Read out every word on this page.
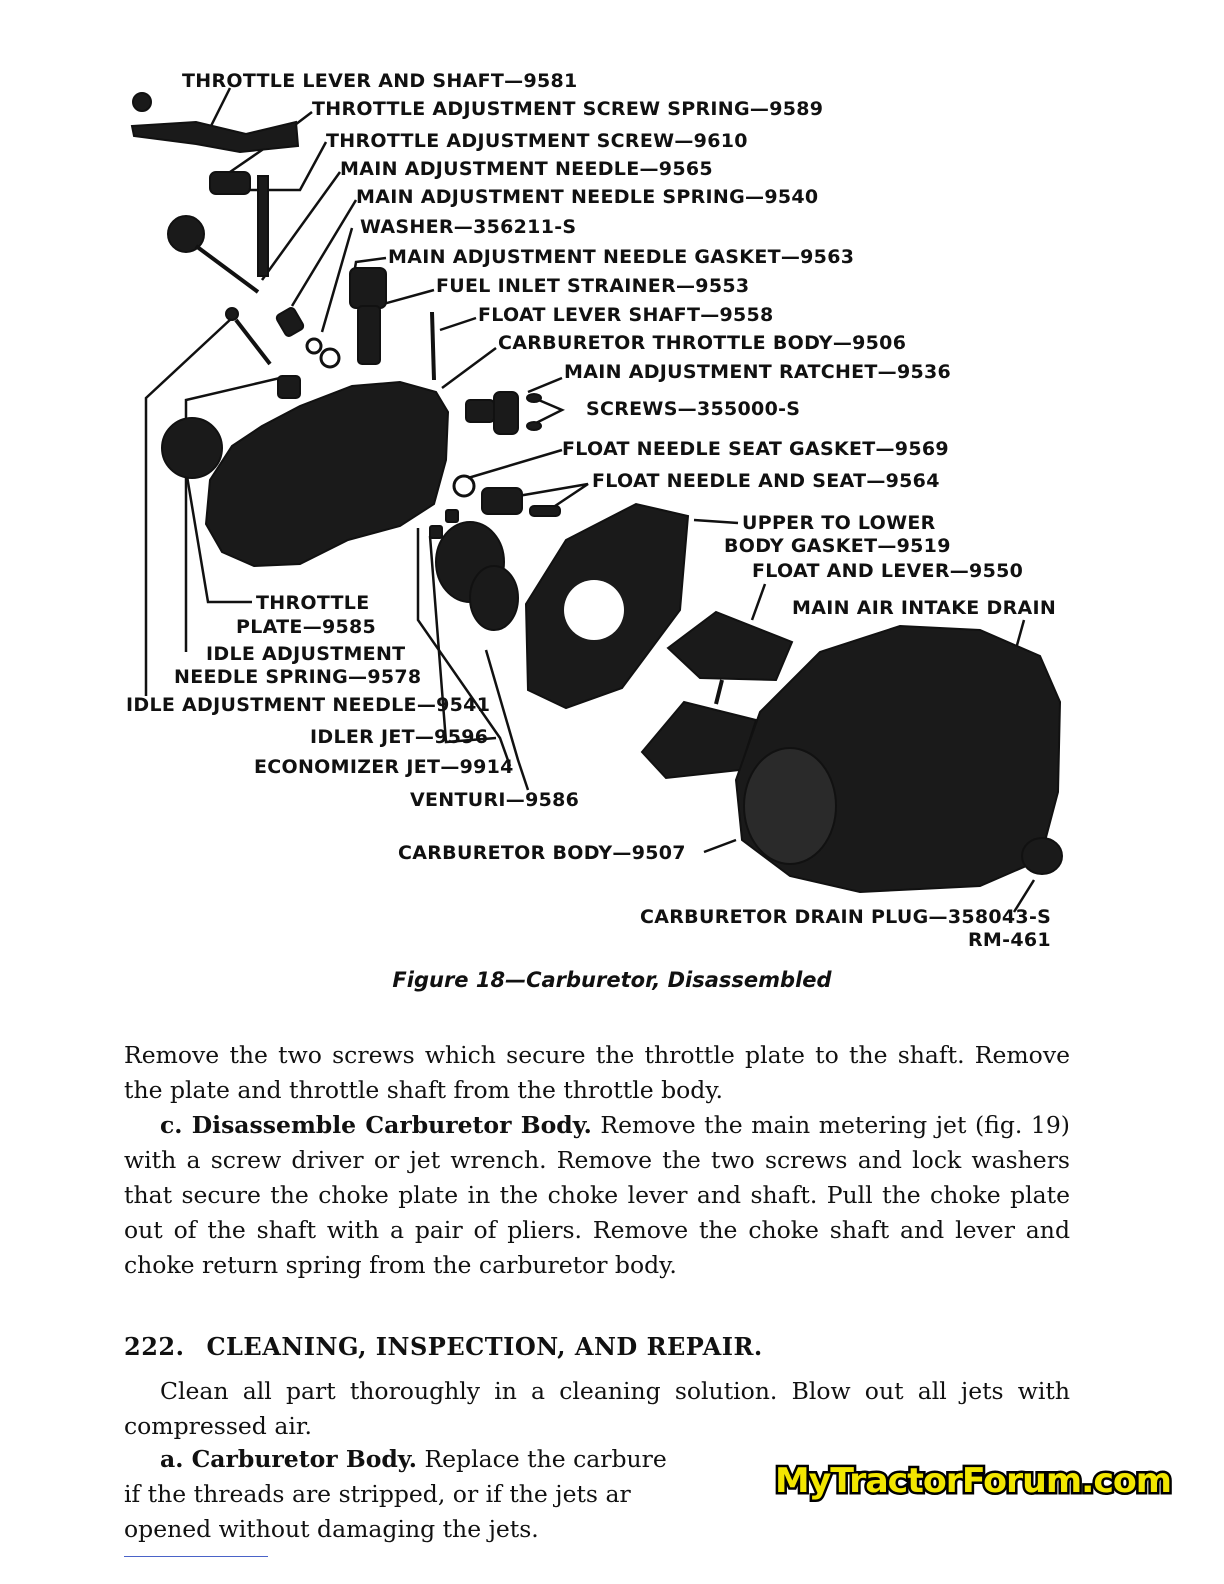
THROTTLE LEVER AND SHAFT—9581
THROTTLE ADJUSTMENT SCREW SPRING—9589
THROTTLE ADJUSTMENT SCREW—9610
MAIN ADJUSTMENT NEEDLE—9565
MAIN ADJUSTMENT NEEDLE SPRING—9540
WASHER—356211-S
MAIN ADJUSTMENT NEEDLE GASKET—9563
FUEL INLET STRAINER—9553
FLOAT LEVER SHAFT—9558
CARBURETOR THROTTLE BODY—9506
MAIN ADJUSTMENT RATCHET—9536
SCREWS—355000-S
FLOAT NEEDLE SEAT GASKET—9569
FLOAT NEEDLE AND SEAT—9564
UPPER TO LOWER
BODY GASKET—9519
FLOAT AND LEVER—9550
MAIN AIR INTAKE DRAIN
THROTTLE
PLATE—9585
IDLE ADJUSTMENT
NEEDLE SPRING—9578
IDLE ADJUSTMENT NEEDLE—9541
IDLER JET—9596
ECONOMIZER JET—9914
VENTURI—9586
CARBURETOR BODY—9507
CARBURETOR DRAIN PLUG—358043-S
RM-461
Figure 18—Carburetor, Disassembled

Remove the two screws which secure the throttle plate to the shaft. Remove the plate and throttle shaft from the throttle body.

c. Disassemble Carburetor Body. Remove the main metering jet (fig. 19) with a screw driver or jet wrench. Remove the two screws and lock washers that secure the choke plate in the choke lever and shaft. Pull the choke plate out of the shaft with a pair of pliers. Remove the choke shaft and lever and choke return spring from the carburetor body.

222. CLEANING, INSPECTION, AND REPAIR.

Clean all part thoroughly in a cleaning solution. Blow out all jets with compressed air.

a. Carburetor Body. Replace the carbure
if the threads are stripped, or if the jets ar
opened without damaging the jets.
MyTractorForum.com
